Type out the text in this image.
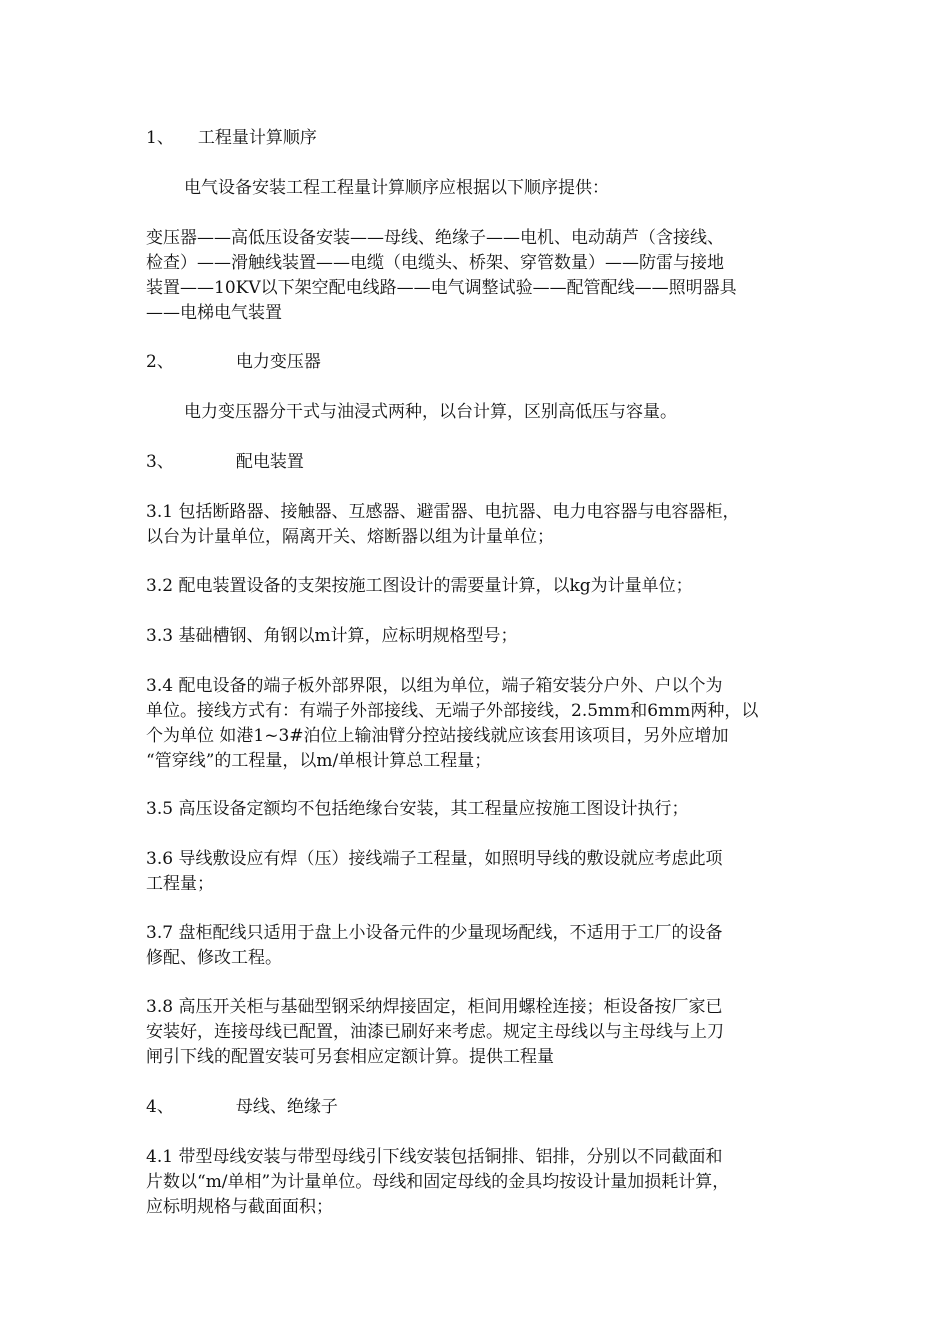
1、 工程量计算顺序
电气设备安装工程工程量计算顺序应根据以下顺序提供：
变压器——高低压设备安装——母线、绝缘子——电机、电动葫芦（含接线、
检查）——滑触线装置——电缆（电缆头、桥架、穿管数量）——防雷与接地
装置——10KV以下架空配电线路——电气调整试验——配管配线——照明器具
——电梯电气装置
2、	电力变压器
电力变压器分干式与油浸式两种，以台计算，区别高低压与容量。
3、	配电装置
3.1 包括断路器、接触器、互感器、避雷器、电抗器、电力电容器与电容器柜，
以台为计量单位，隔离开关、熔断器以组为计量单位；
3.2 配电装置设备的支架按施工图设计的需要量计算，以kg为计量单位；
3.3 基础槽钢、角钢以m计算，应标明规格型号；
3.4 配电设备的端子板外部界限，以组为单位，端子箱安装分户外、户以个为
单位。接线方式有：有端子外部接线、无端子外部接线，2.5mm和6mm两种，以
个为单位 如港1~3#泊位上输油臂分控站接线就应该套用该项目，另外应增加
“管穿线”的工程量，以m/单根计算总工程量；
3.5 高压设备定额均不包括绝缘台安装，其工程量应按施工图设计执行；
3.6 导线敷设应有焊（压）接线端子工程量，如照明导线的敷设就应考虑此项
工程量；
3.7 盘柜配线只适用于盘上小设备元件的少量现场配线，不适用于工厂的设备
修配、修改工程。
3.8 高压开关柜与基础型钢采纳焊接固定，柜间用螺栓连接；柜设备按厂家已
安装好，连接母线已配置，油漆已刷好来考虑。规定主母线以与主母线与上刀
闸引下线的配置安装可另套相应定额计算。提供工程量
4、	母线、绝缘子
4.1 带型母线安装与带型母线引下线安装包括铜排、铝排，分别以不同截面和
片数以“m/单相”为计量单位。母线和固定母线的金具均按设计量加损耗计算，
应标明规格与截面面积；
